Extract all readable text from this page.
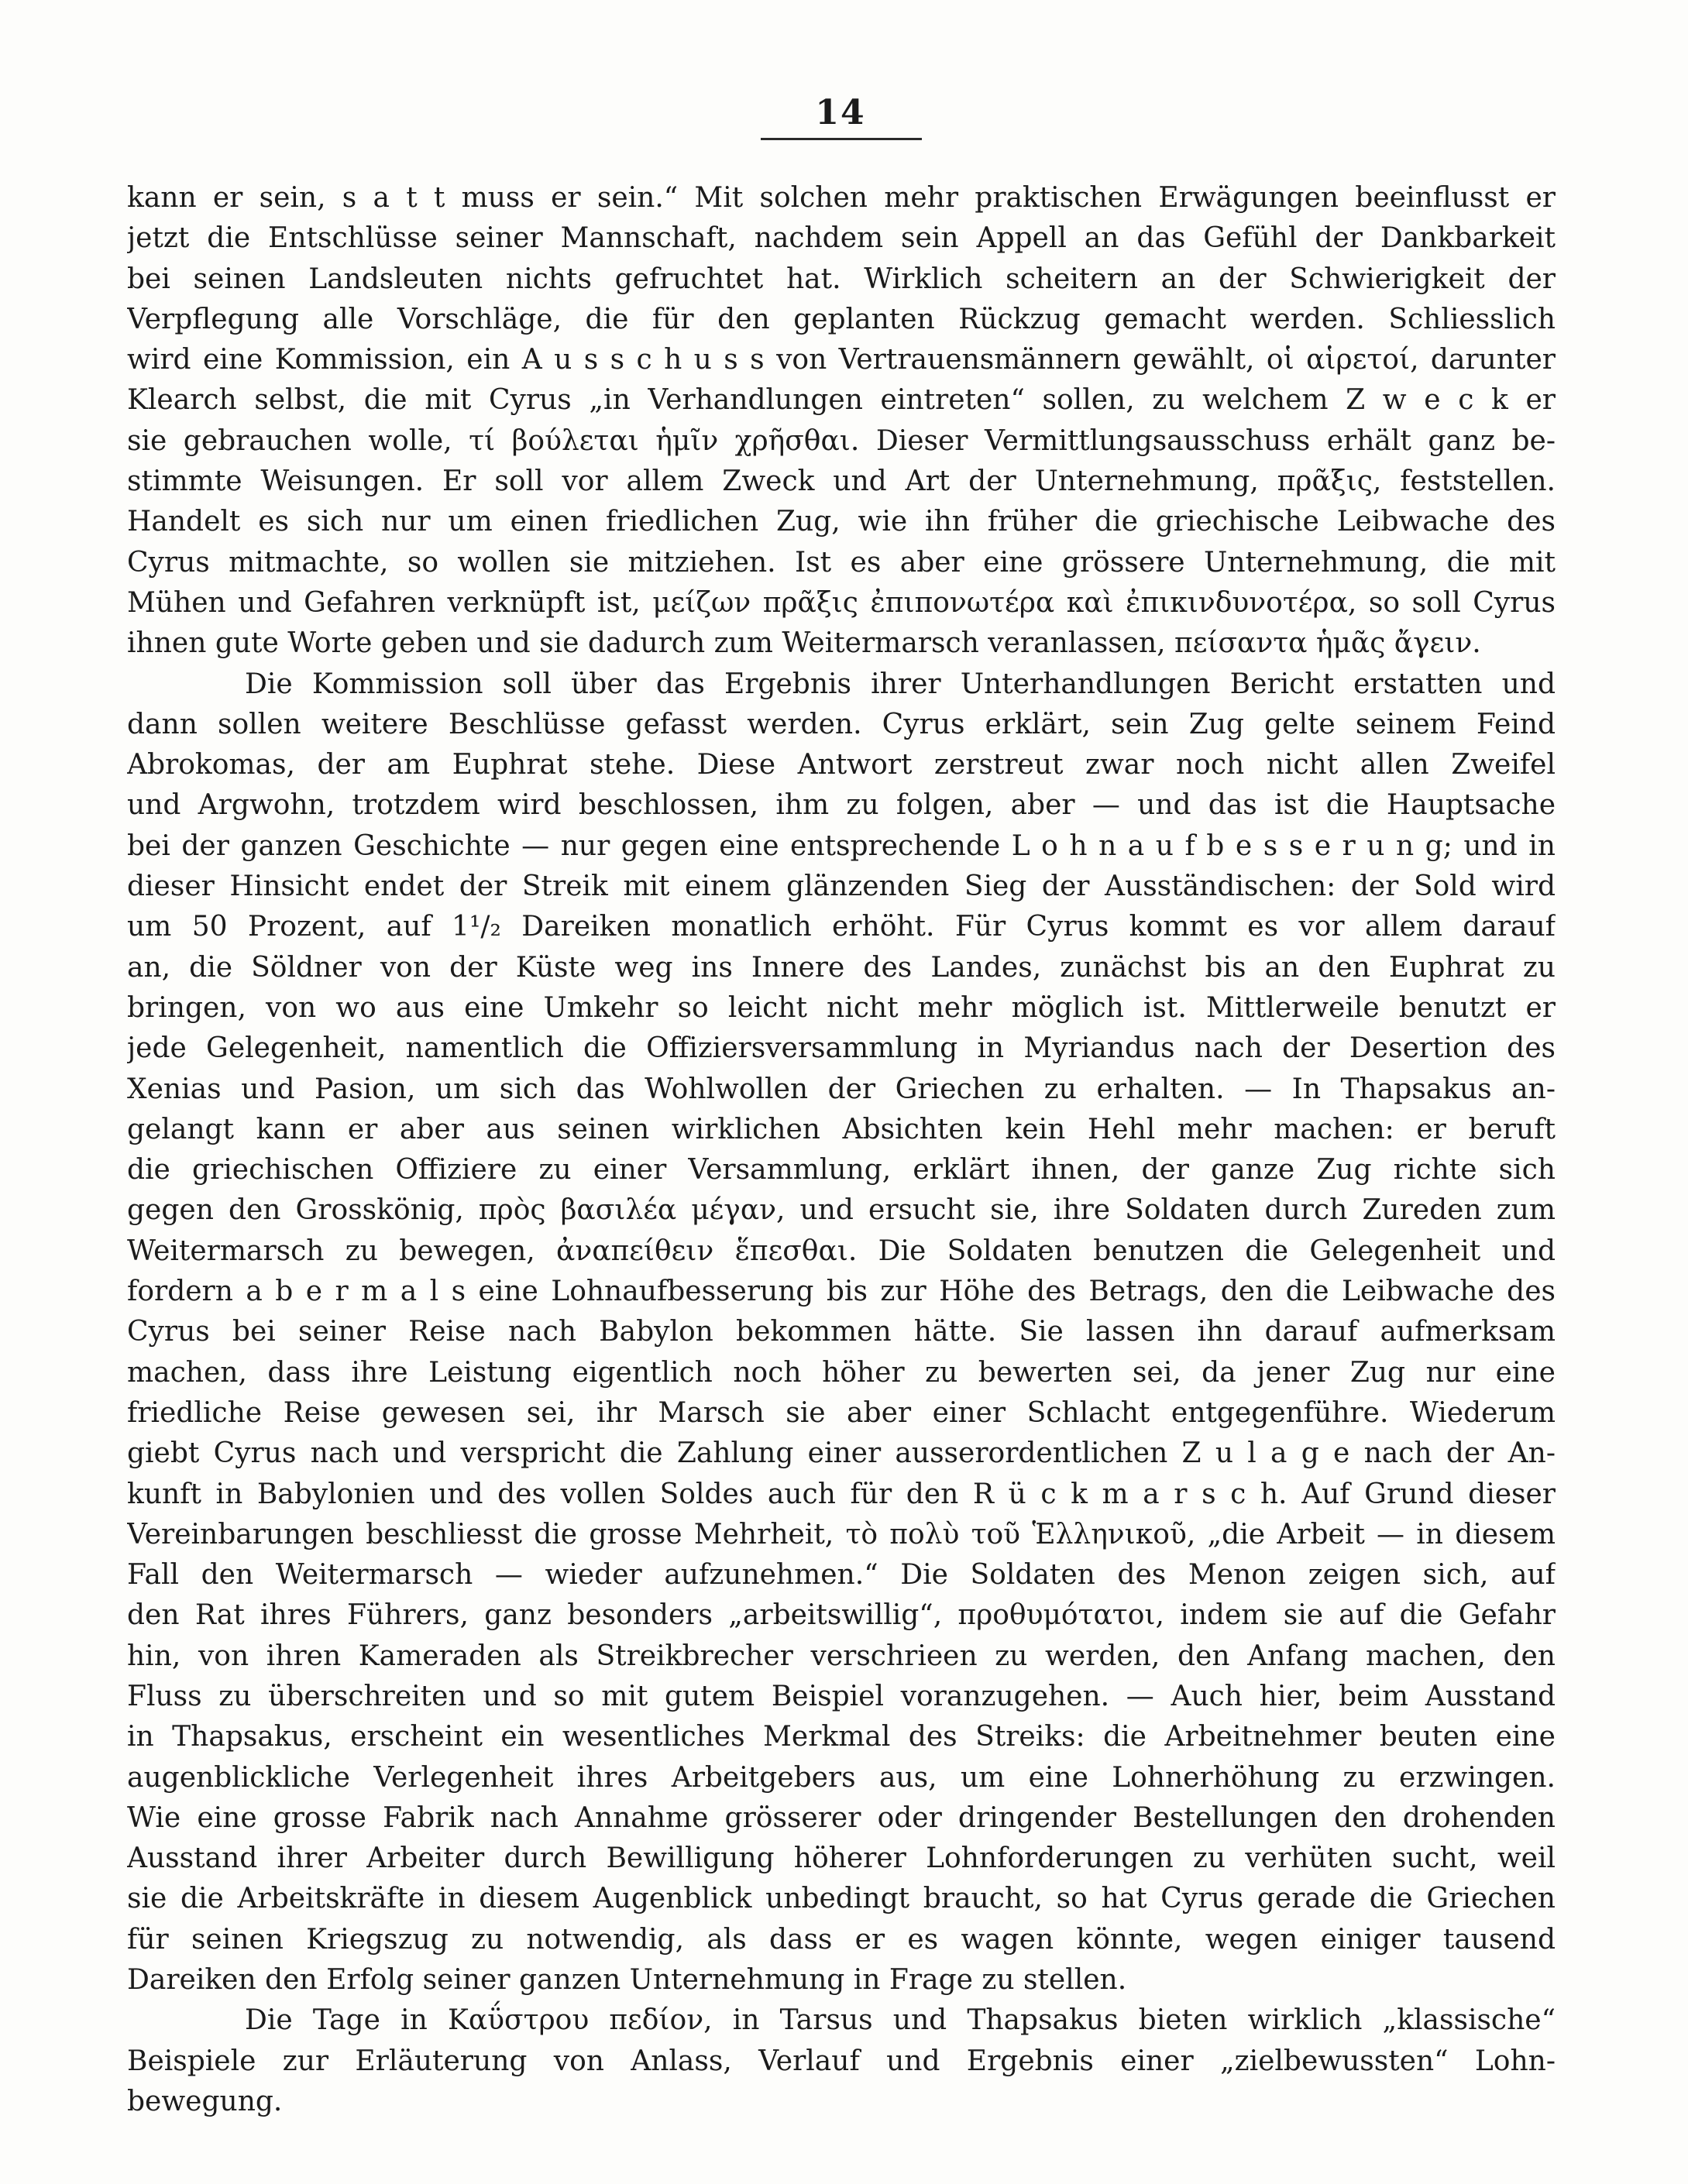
14
kann er sein, s a t t muss er sein.“ Mit solchen mehr praktischen Erwägungen beeinflusst er
jetzt die Entschlüsse seiner Mannschaft, nachdem sein Appell an das Gefühl der Dankbarkeit
bei seinen Landsleuten nichts gefruchtet hat. Wirklich scheitern an der Schwierigkeit der
Verpflegung alle Vorschläge, die für den geplanten Rückzug gemacht werden. Schliesslich
wird eine Kommission, ein A u s s c h u s s von Vertrauensmännern gewählt, οἱ αἱρετοί, darunter
Klearch selbst, die mit Cyrus „in Verhandlungen eintreten“ sollen, zu welchem Z w e c k er
sie gebrauchen wolle, τί βούλεται ἡμῖν χρῆσθαι. Dieser Vermittlungsausschuss erhält ganz be-
stimmte Weisungen. Er soll vor allem Zweck und Art der Unternehmung, πρᾶξις, feststellen.
Handelt es sich nur um einen friedlichen Zug, wie ihn früher die griechische Leibwache des
Cyrus mitmachte, so wollen sie mitziehen. Ist es aber eine grössere Unternehmung, die mit
Mühen und Gefahren verknüpft ist, μείζων πρᾶξις ἐπιπονωτέρα καὶ ἐπικινδυνοτέρα, so soll Cyrus
ihnen gute Worte geben und sie dadurch zum Weitermarsch veranlassen, πείσαντα ἡμᾶς ἄγειν.
Die Kommission soll über das Ergebnis ihrer Unterhandlungen Bericht erstatten und
dann sollen weitere Beschlüsse gefasst werden. Cyrus erklärt, sein Zug gelte seinem Feind
Abrokomas, der am Euphrat stehe. Diese Antwort zerstreut zwar noch nicht allen Zweifel
und Argwohn, trotzdem wird beschlossen, ihm zu folgen, aber — und das ist die Hauptsache
bei der ganzen Geschichte — nur gegen eine entsprechende L o h n a u f b e s s e r u n g; und in
dieser Hinsicht endet der Streik mit einem glänzenden Sieg der Ausständischen: der Sold wird
um 50 Prozent, auf 1¹/₂ Dareiken monatlich erhöht. Für Cyrus kommt es vor allem darauf
an, die Söldner von der Küste weg ins Innere des Landes, zunächst bis an den Euphrat zu
bringen, von wo aus eine Umkehr so leicht nicht mehr möglich ist. Mittlerweile benutzt er
jede Gelegenheit, namentlich die Offiziersversammlung in Myriandus nach der Desertion des
Xenias und Pasion, um sich das Wohlwollen der Griechen zu erhalten. — In Thapsakus an-
gelangt kann er aber aus seinen wirklichen Absichten kein Hehl mehr machen: er beruft
die griechischen Offiziere zu einer Versammlung, erklärt ihnen, der ganze Zug richte sich
gegen den Grosskönig, πρὸς βασιλέα μέγαν, und ersucht sie, ihre Soldaten durch Zureden zum
Weitermarsch zu bewegen, ἀναπείθειν ἕπεσθαι. Die Soldaten benutzen die Gelegenheit und
fordern a b e r m a l s eine Lohnaufbesserung bis zur Höhe des Betrags, den die Leibwache des
Cyrus bei seiner Reise nach Babylon bekommen hätte. Sie lassen ihn darauf aufmerksam
machen, dass ihre Leistung eigentlich noch höher zu bewerten sei, da jener Zug nur eine
friedliche Reise gewesen sei, ihr Marsch sie aber einer Schlacht entgegenführe. Wiederum
giebt Cyrus nach und verspricht die Zahlung einer ausserordentlichen Z u l a g e nach der An-
kunft in Babylonien und des vollen Soldes auch für den R ü c k m a r s c h. Auf Grund dieser
Vereinbarungen beschliesst die grosse Mehrheit, τὸ πολὺ τοῦ Ἑλληνικοῦ, „die Arbeit — in diesem
Fall den Weitermarsch — wieder aufzunehmen.“ Die Soldaten des Menon zeigen sich, auf
den Rat ihres Führers, ganz besonders „arbeitswillig“, προθυμότατοι, indem sie auf die Gefahr
hin, von ihren Kameraden als Streikbrecher verschrieen zu werden, den Anfang machen, den
Fluss zu überschreiten und so mit gutem Beispiel voranzugehen. — Auch hier, beim Ausstand
in Thapsakus, erscheint ein wesentliches Merkmal des Streiks: die Arbeitnehmer beuten eine
augenblickliche Verlegenheit ihres Arbeitgebers aus, um eine Lohnerhöhung zu erzwingen.
Wie eine grosse Fabrik nach Annahme grösserer oder dringender Bestellungen den drohenden
Ausstand ihrer Arbeiter durch Bewilligung höherer Lohnforderungen zu verhüten sucht, weil
sie die Arbeitskräfte in diesem Augenblick unbedingt braucht, so hat Cyrus gerade die Griechen
für seinen Kriegszug zu notwendig, als dass er es wagen könnte, wegen einiger tausend
Dareiken den Erfolg seiner ganzen Unternehmung in Frage zu stellen.
Die Tage in Καΰστρου πεδίον, in Tarsus und Thapsakus bieten wirklich „klassische“
Beispiele zur Erläuterung von Anlass, Verlauf und Ergebnis einer „zielbewussten“ Lohn-
bewegung.
